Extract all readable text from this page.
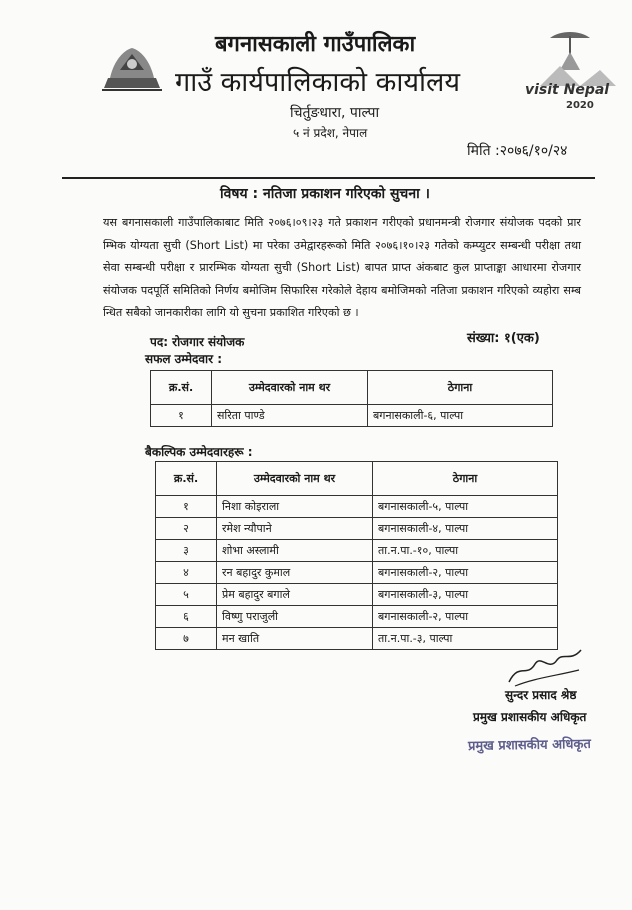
बगनासकाली गाउँपालिका
गाउँ कार्यपालिकाको कार्यालय
चिर्तुङधारा, पाल्पा
५ नं प्रदेश, नेपाल
visit Nepal
2020
मिति :२०७६/१०/२४
विषय : नतिजा प्रकाशन गरिएको सुचना ।
यस बगनासकाली गाउँपालिकाबाट मिति २०७६।०९।२३ गते प्रकाशन गरीएको प्रधानमन्त्री रोजगार संयोजक पदको प्रारम्भिक योग्यता सुची (Short List) मा परेका उमेद्वारहरूको मिति २०७६।१०।२३ गतेको कम्प्युटर सम्बन्धी परीक्षा तथा सेवा सम्बन्धी परीक्षा र प्रारम्भिक योग्यता सुची (Short List) बापत प्राप्त अंकबाट कुल प्राप्ताङ्का आधारमा रोजगार संयोजक पदपूर्ति समितिको निर्णय बमोजिम सिफारिस गरेकोले देहाय बमोजिमको नतिजा प्रकाशन गरिएको व्यहोरा सम्बन्धित सबैको जानकारीका लागि यो सुचना प्रकाशित गरिएको छ ।
पद: रोजगार संयोजक	संख्या: १(एक)
सफल उम्मेदवार :
क्र.सं.	उम्मेदवारको नाम थर	ठेगाना
१	सरिता पाण्डे	बगनासकाली-६, पाल्पा
बैकल्पिक उम्मेदवारहरू :
क्र.सं.	उम्मेदवारको नाम थर	ठेगाना
१	निशा कोइराला	बगनासकाली-५, पाल्पा
२	रमेश न्यौपाने	बगनासकाली-४, पाल्पा
३	शोभा अस्लामी	ता.न.पा.-१०, पाल्पा
४	रन बहादुर कुमाल	बगनासकाली-२, पाल्पा
५	प्रेम बहादुर बगाले	बगनासकाली-३, पाल्पा
६	विष्णु पराजुली	बगनासकाली-२, पाल्पा
७	मन खाति	ता.न.पा.-३, पाल्पा
सुन्दर प्रसाद श्रेष्ठ
प्रमुख प्रशासकीय अधिकृत
प्रमुख प्रशासकीय अधिकृत
